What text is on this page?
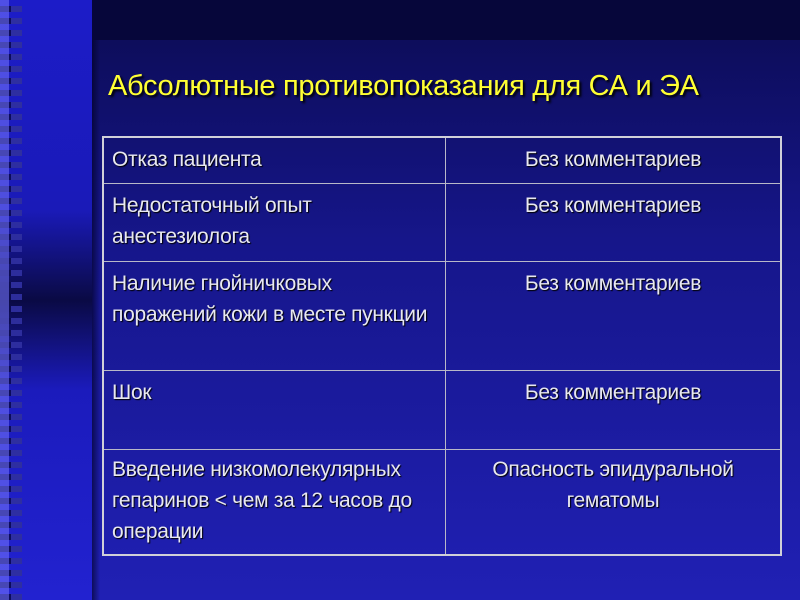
Абсолютные противопоказания для СА и ЭА
Отказ пациента	Без комментариев
Недостаточный опыт анестезиолога	Без комментариев
Наличие гнойничковых поражений кожи в месте пункции	Без комментариев
Шок	Без комментариев
Введение низкомолекулярных гепаринов < чем за 12 часов до операции	Опасность эпидуральной гематомы
